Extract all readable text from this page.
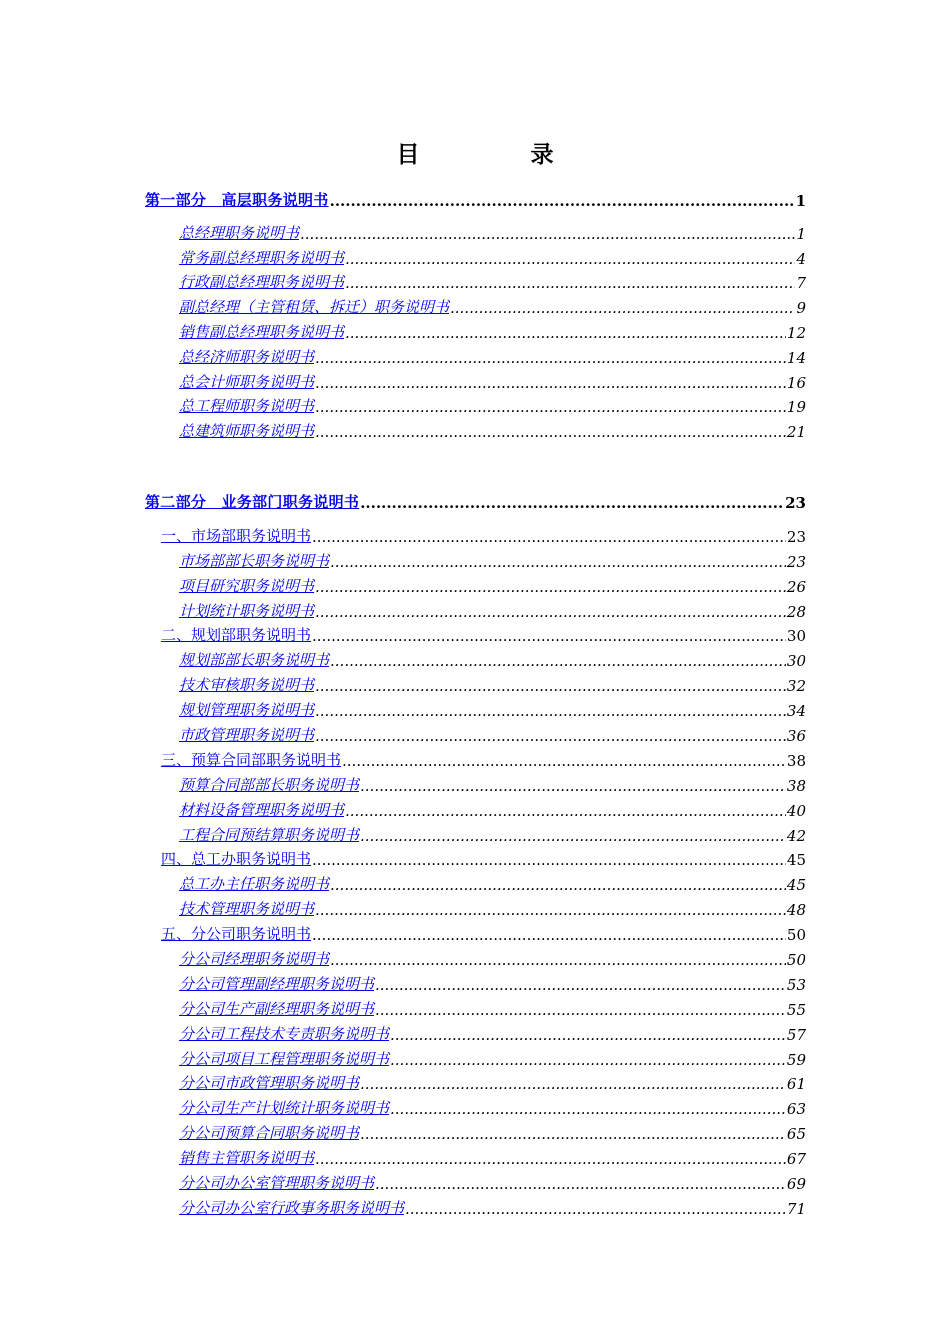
目　录
第一部分　高层职务说明书 .....	1
总经理职务说明书 .....	1
常务副总经理职务说明书 .....	4
行政副总经理职务说明书 .....	7
副总经理（主管租赁、拆迁）职务说明书 .....	9
销售副总经理职务说明书 .....	12
总经济师职务说明书 .....	14
总会计师职务说明书 .....	16
总工程师职务说明书 .....	19
总建筑师职务说明书 .....	21
第二部分　业务部门职务说明书 .....	23
一、市场部职务说明书 .....	23
市场部部长职务说明书 .....	23
项目研究职务说明书 .....	26
计划统计职务说明书 .....	28
二、规划部职务说明书 .....	30
规划部部长职务说明书 .....	30
技术审核职务说明书 .....	32
规划管理职务说明书 .....	34
市政管理职务说明书 .....	36
三、预算合同部职务说明书 .....	38
预算合同部部长职务说明书 .....	38
材料设备管理职务说明书 .....	40
工程合同预结算职务说明书 .....	42
四、总工办职务说明书 .....	45
总工办主任职务说明书 .....	45
技术管理职务说明书 .....	48
五、分公司职务说明书 .....	50
分公司经理职务说明书 .....	50
分公司管理副经理职务说明书 .....	53
分公司生产副经理职务说明书 .....	55
分公司工程技术专责职务说明书 .....	57
分公司项目工程管理职务说明书 .....	59
分公司市政管理职务说明书 .....	61
分公司生产计划统计职务说明书 .....	63
分公司预算合同职务说明书 .....	65
销售主管职务说明书 .....	67
分公司办公室管理职务说明书 .....	69
分公司办公室行政事务职务说明书 .....	71
